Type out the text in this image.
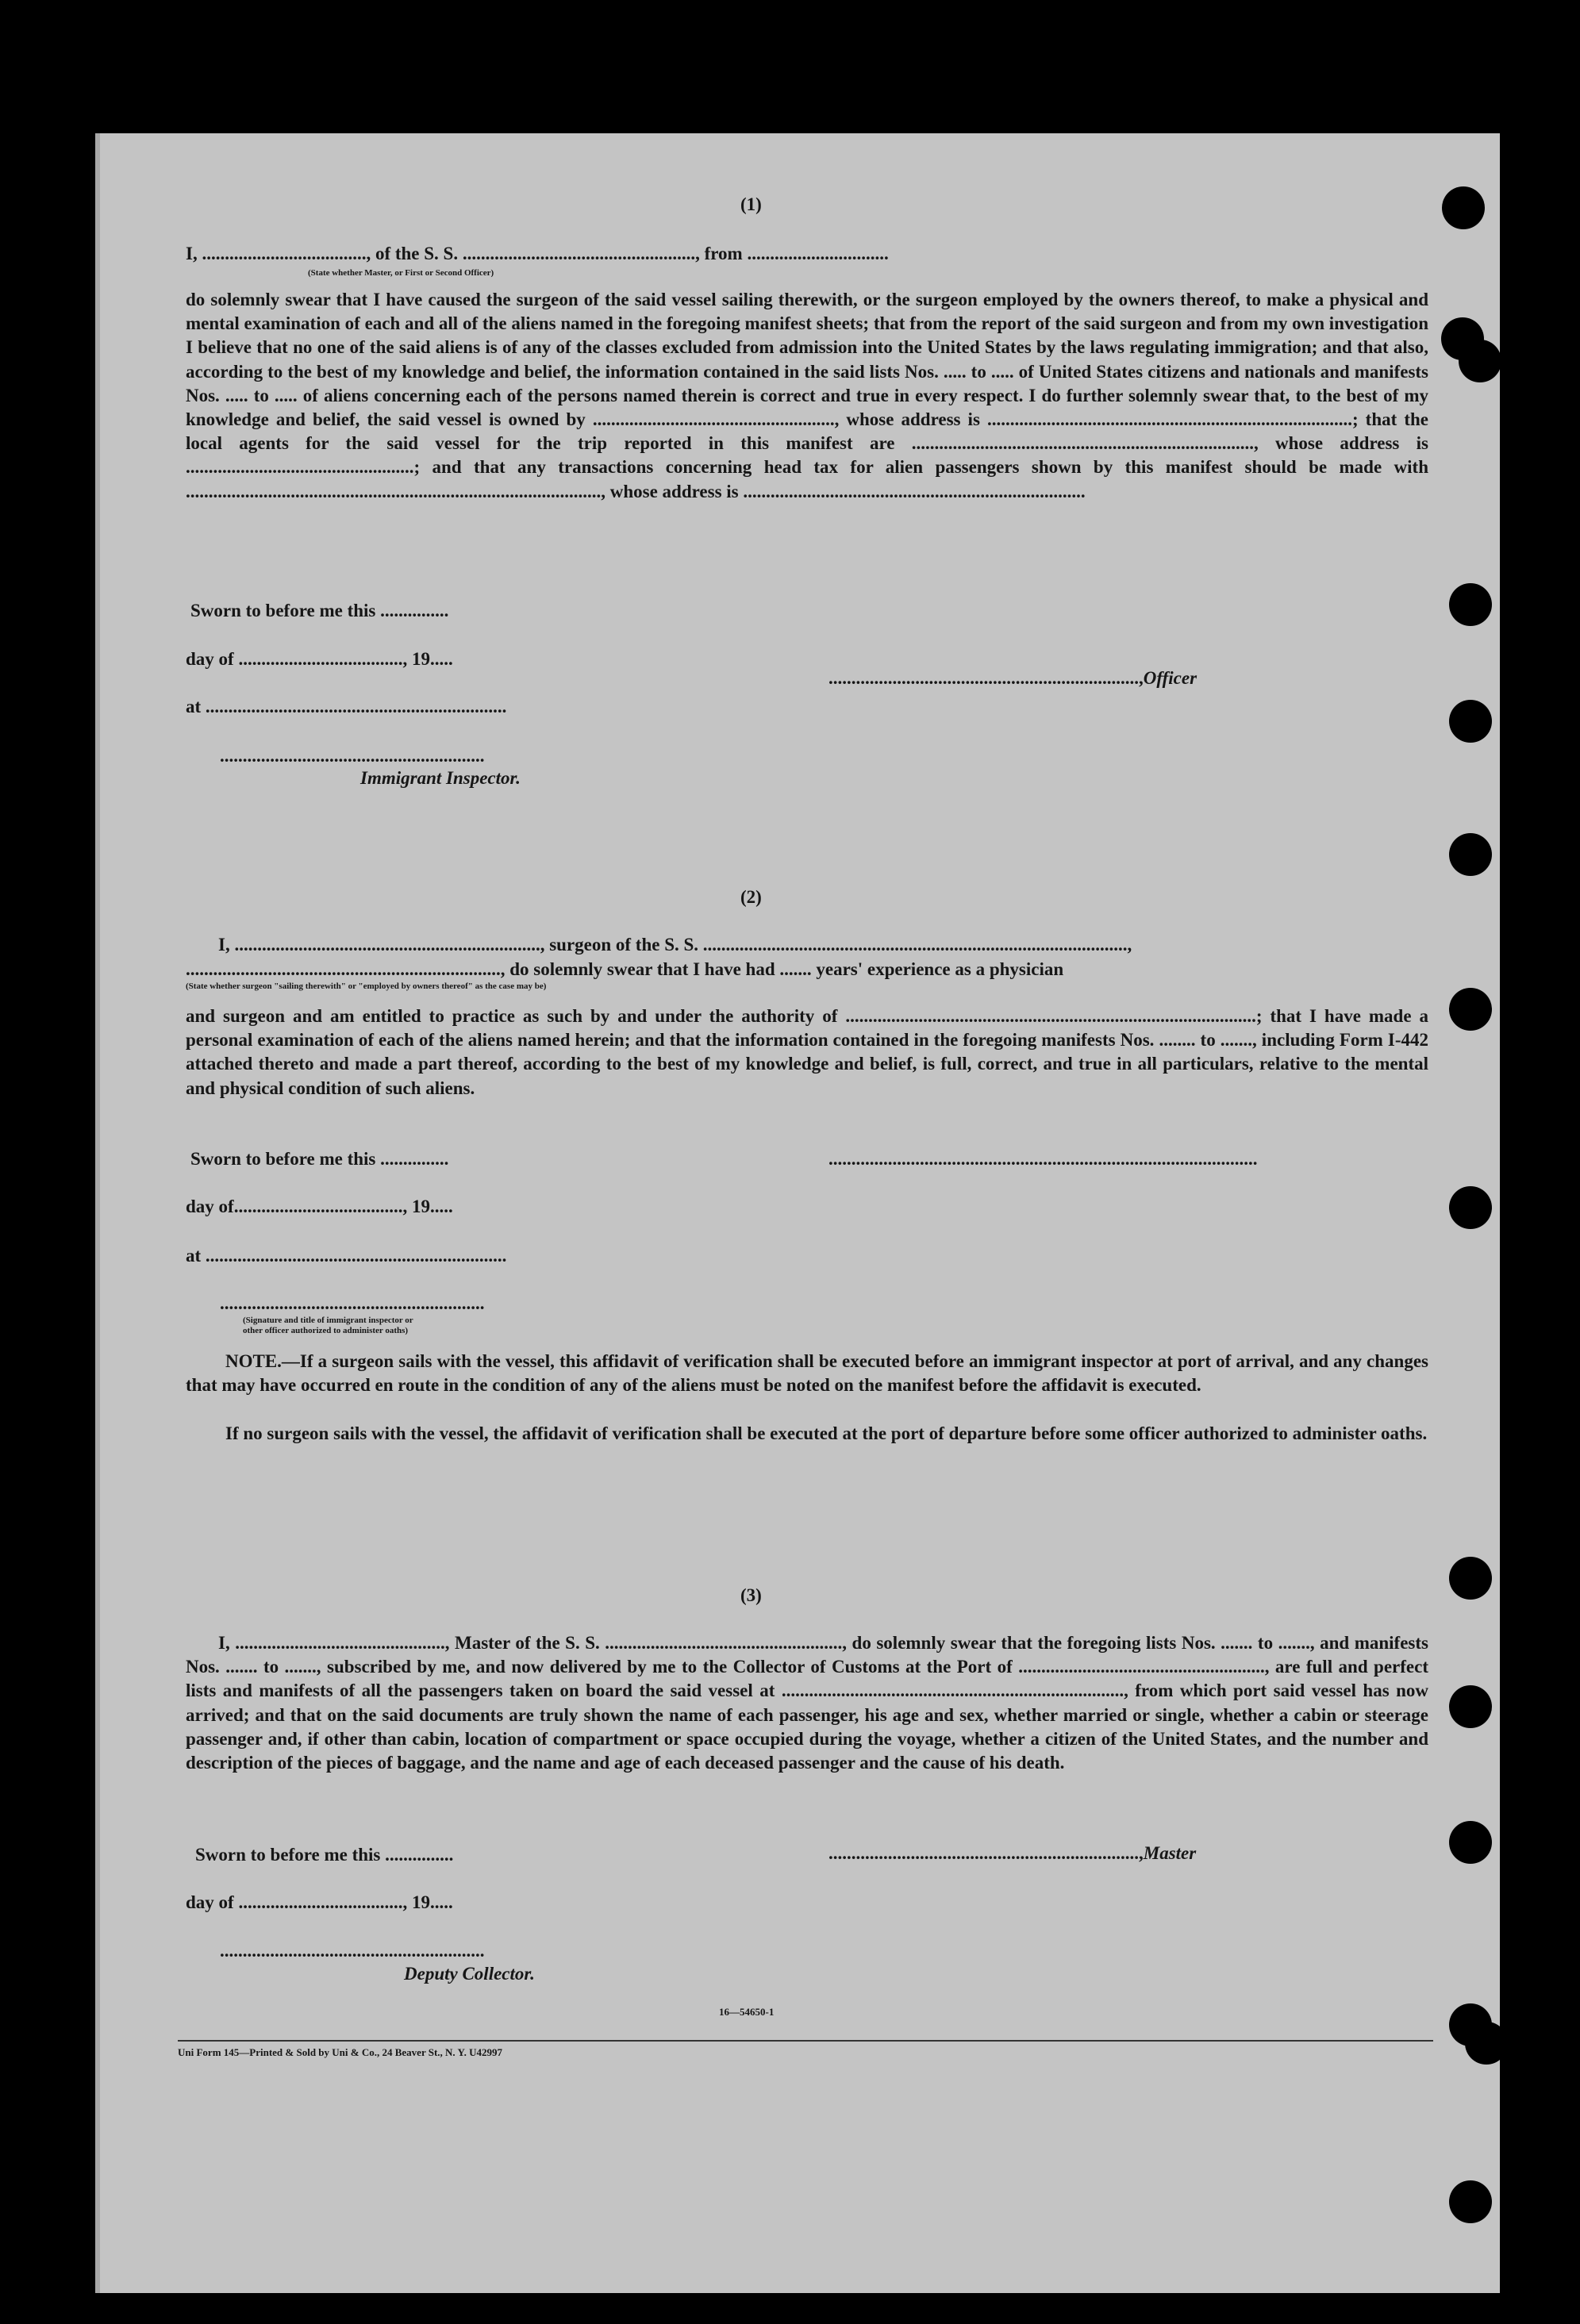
(1)
I, ...................................., of the S. S. ..................................................., from ...............................
(State whether Master, or First or Second Officer)
do solemnly swear that I have caused the surgeon of the said vessel sailing therewith, or the surgeon employed by the owners thereof, to make a physical and mental examination of each and all of the aliens named in the foregoing manifest sheets; that from the report of the said surgeon and from my own investigation I believe that no one of the said aliens is of any of the classes excluded from admission into the United States by the laws regulating immigration; and that also, according to the best of my knowledge and belief, the information contained in the said lists Nos. ..... to ..... of United States citizens and nationals and manifests Nos. ..... to ..... of aliens concerning each of the persons named therein is correct and true in every respect. I do further solemnly swear that, to the best of my knowledge and belief, the said vessel is owned by ....................................................., whose address is ................................................................................; that the local agents for the said vessel for the trip reported in this manifest are ..........................................................................., whose address is ..................................................; and that any transactions concerning head tax for alien passengers shown by this manifest should be made with ..........................................................................................., whose address is ...........................................................................
Sworn to before me this ...............
day of ...................................., 19.....
at ..................................................................
....................................................................,Officer
..........................................................
Immigrant Inspector.
(2)
I, ..................................................................., surgeon of the S. S. .............................................................................................,
....................................................................., do solemnly swear that I have had ....... years' experience as a physician
(State whether surgeon "sailing therewith" or "employed by owners thereof" as the case may be)
and surgeon and am entitled to practice as such by and under the authority of ..........................................................................................; that I have made a personal examination of each of the aliens named herein; and that the information contained in the foregoing manifests Nos. ........ to ......., including Form I-442 attached thereto and made a part thereof, according to the best of my knowledge and belief, is full, correct, and true in all particulars, relative to the mental and physical condition of such aliens.
Sworn to before me this ...............	..............................................................................................
day of....................................., 19.....
at ..................................................................
..........................................................
(Signature and title of immigrant inspector or
other officer authorized to administer oaths)
NOTE.—If a surgeon sails with the vessel, this affidavit of verification shall be executed before an immigrant inspector at port of arrival, and any changes that may have occurred en route in the condition of any of the aliens must be noted on the manifest before the affidavit is executed.
If no surgeon sails with the vessel, the affidavit of verification shall be executed at the port of departure before some officer authorized to administer oaths.
(3)
I, .............................................., Master of the S. S. ...................................................., do solemnly swear that the foregoing lists Nos. ....... to ......., and manifests Nos. ....... to ......., subscribed by me, and now delivered by me to the Collector of Customs at the Port of ......................................................, are full and perfect lists and manifests of all the passengers taken on board the said vessel at ..........................................................................., from which port said vessel has now arrived; and that on the said documents are truly shown the name of each passenger, his age and sex, whether married or single, whether a cabin or steerage passenger and, if other than cabin, location of compartment or space occupied during the voyage, whether a citizen of the United States, and the number and description of the pieces of baggage, and the name and age of each deceased passenger and the cause of his death.
Sworn to before me this ...............	....................................................................,Master
day of ...................................., 19.....
..........................................................
Deputy Collector.
16—54650-1
Uni Form 145—Printed & Sold by Uni & Co., 24 Beaver St., N. Y. U42997
